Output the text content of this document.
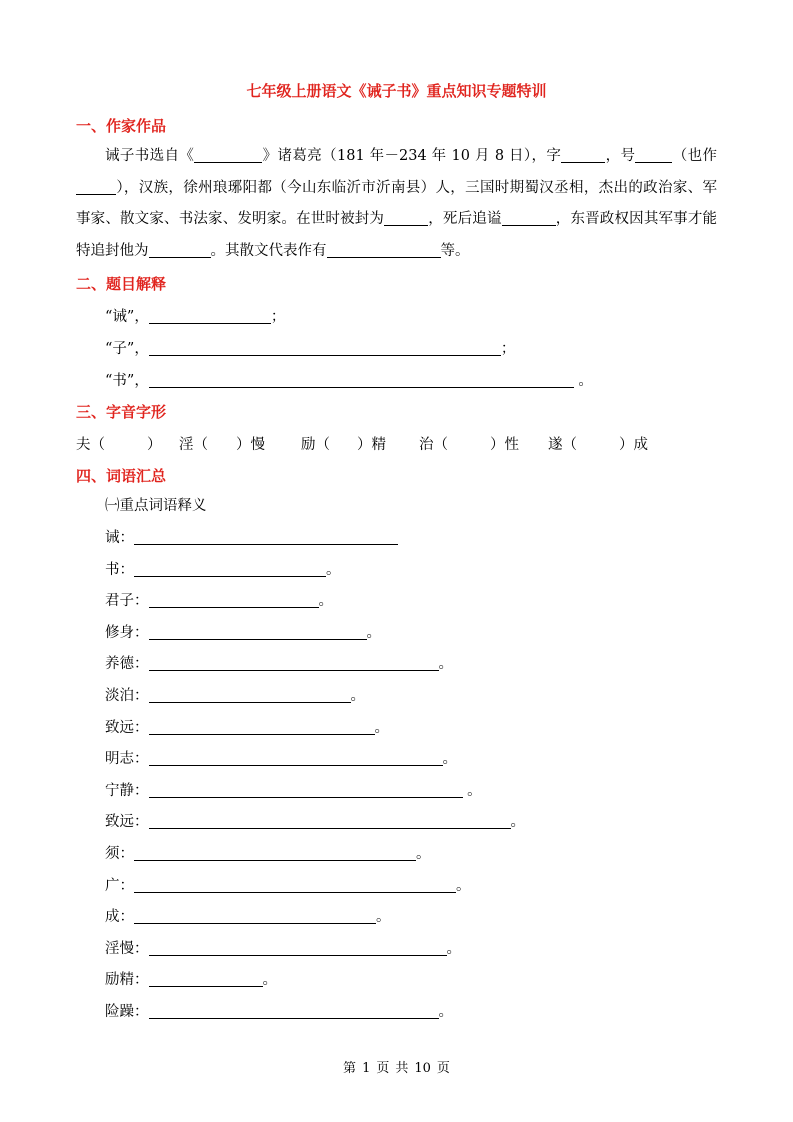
七年级上册语文《诫子书》重点知识专题特训
一、作家作品
诫子书选自《	》诸葛亮（181 年－234 年 10 月 8 日），字	，号	（也作），汉族，徐州琅琊阳都（今山东临沂市沂南县）人，三国时期蜀汉丞相，杰出的政治家、军事家、散文家、书法家、发明家。在世时被封为	，死后追谥	，东晋政权因其军事才能特追封他为	。其散文代表作有	等。
二、题目解释
“诫”，	；
“子”，	；
“书”，	。
三、字音字形
夫（	） 淫（ ）慢 励（ ）精 治（	）性 遂（	）成
四、词语汇总
㈠重点词语释义
诫：
书：	。
君子：	。
修身：	。
养德：	。
淡泊：	。
致远：	。
明志：	。
宁静：	。
致远：	。
须：	。
广：	。
成：	。
淫慢：	。
励精：	。
险躁：	。
第 1 页 共 10 页
